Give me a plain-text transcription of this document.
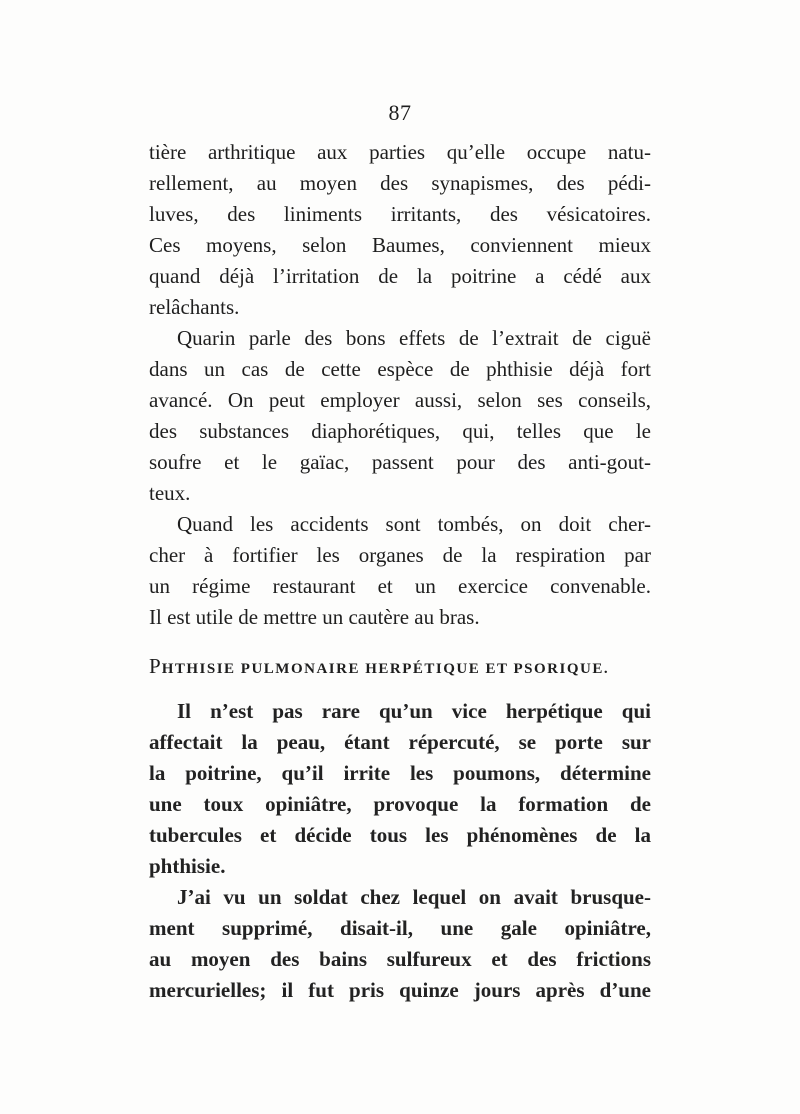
87
tière arthritique aux parties qu’elle occupe natu-
rellement, au moyen des synapismes, des pédi-
luves, des liniments irritants, des vésicatoires.
Ces moyens, selon Baumes, conviennent mieux
quand déjà l’irritation de la poitrine a cédé aux
relâchants.
Quarin parle des bons effets de l’extrait de ciguë
dans un cas de cette espèce de phthisie déjà fort
avancé. On peut employer aussi, selon ses conseils,
des substances diaphorétiques, qui, telles que le
soufre et le gaïac, passent pour des anti-gout-
teux.
Quand les accidents sont tombés, on doit cher-
cher à fortifier les organes de la respiration par
un régime restaurant et un exercice convenable.
Il est utile de mettre un cautère au bras.
PHTHISIE PULMONAIRE HERPÉTIQUE ET PSORIQUE.
Il n’est pas rare qu’un vice herpétique qui
affectait la peau, étant répercuté, se porte sur
la poitrine, qu’il irrite les poumons, détermine
une toux opiniâtre, provoque la formation de
tubercules et décide tous les phénomènes de la
phthisie.
J’ai vu un soldat chez lequel on avait brusque-
ment supprimé, disait-il, une gale opiniâtre,
au moyen des bains sulfureux et des frictions
mercurielles; il fut pris quinze jours après d’une
